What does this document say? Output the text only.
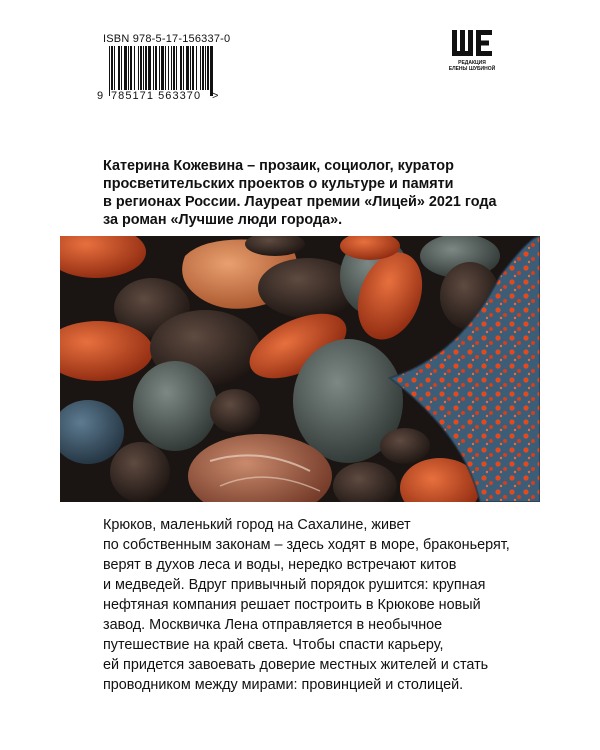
ISBN 978-5-17-156337-0
9 785171 563370 >
РЕДАКЦИЯ
ЕЛЕНЫ ШУБИНОЙ
Катерина Кожевина – прозаик, социолог, куратор
просветительских проектов о культуре и памяти
в регионах России. Лауреат премии «Лицей» 2021 года
за роман «Лучшие люди города».
Крюков, маленький город на Сахалине, живет
по собственным законам – здесь ходят в море, браконьерят,
верят в духов леса и воды, нередко встречают китов
и медведей. Вдруг привычный порядок рушится: крупная
нефтяная компания решает построить в Крюкове новый
завод. Москвичка Лена отправляется в необычное
путешествие на край света. Чтобы спасти карьеру,
ей придется завоевать доверие местных жителей и стать
проводником между мирами: провинцией и столицей.
